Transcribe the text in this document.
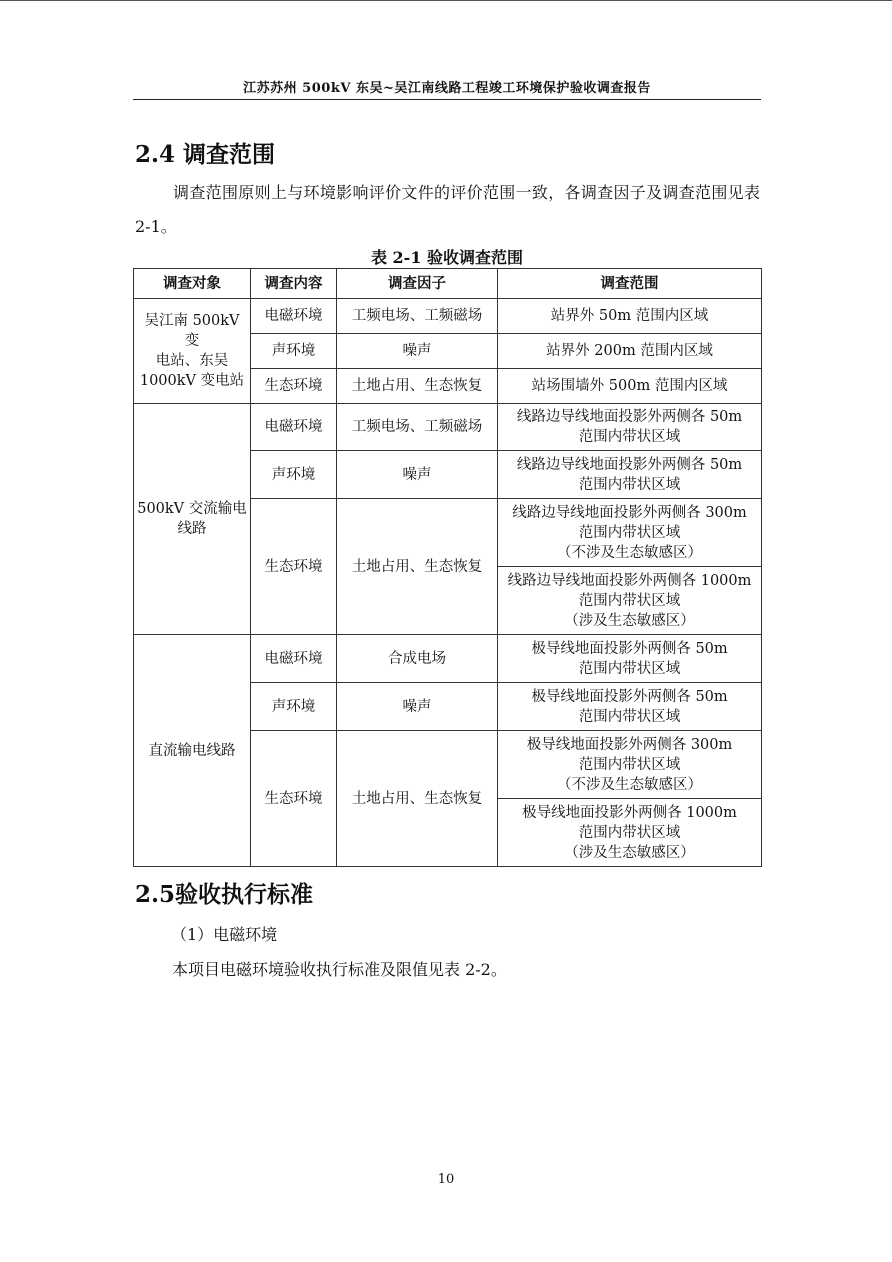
江苏苏州 500kV 东吴~吴江南线路工程竣工环境保护验收调查报告
2.4 调查范围

调查范围原则上与环境影响评价文件的评价范围一致，各调查因子及调查范围见表 2-1。

表 2-1 验收调查范围
调查对象	调查内容	调查因子	调查范围

吴江南 500kV 变
电站、东吴
1000kV 变电站	电磁环境	工频电场、工频磁场	站界外 50m 范围内区域

	声环境	噪声	站界外 200m 范围内区域

	生态环境	土地占用、生态恢复	站场围墙外 500m 范围内区域

500kV 交流输电
线路	电磁环境	工频电场、工频磁场	线路边导线地面投影外两侧各 50m
范围内带状区域

	声环境	噪声	线路边导线地面投影外两侧各 50m
范围内带状区域

	生态环境	土地占用、生态恢复	线路边导线地面投影外两侧各 300m
范围内带状区域
（不涉及生态敏感区）

			线路边导线地面投影外两侧各 1000m
范围内带状区域
（涉及生态敏感区）

直流输电线路	电磁环境	合成电场	极导线地面投影外两侧各 50m
范围内带状区域

	声环境	噪声	极导线地面投影外两侧各 50m
范围内带状区域

	生态环境	土地占用、生态恢复	极导线地面投影外两侧各 300m
范围内带状区域
（不涉及生态敏感区）

			极导线地面投影外两侧各 1000m
范围内带状区域
（涉及生态敏感区）
2.5验收执行标准
（1）电磁环境
本项目电磁环境验收执行标准及限值见表 2-2。
10
